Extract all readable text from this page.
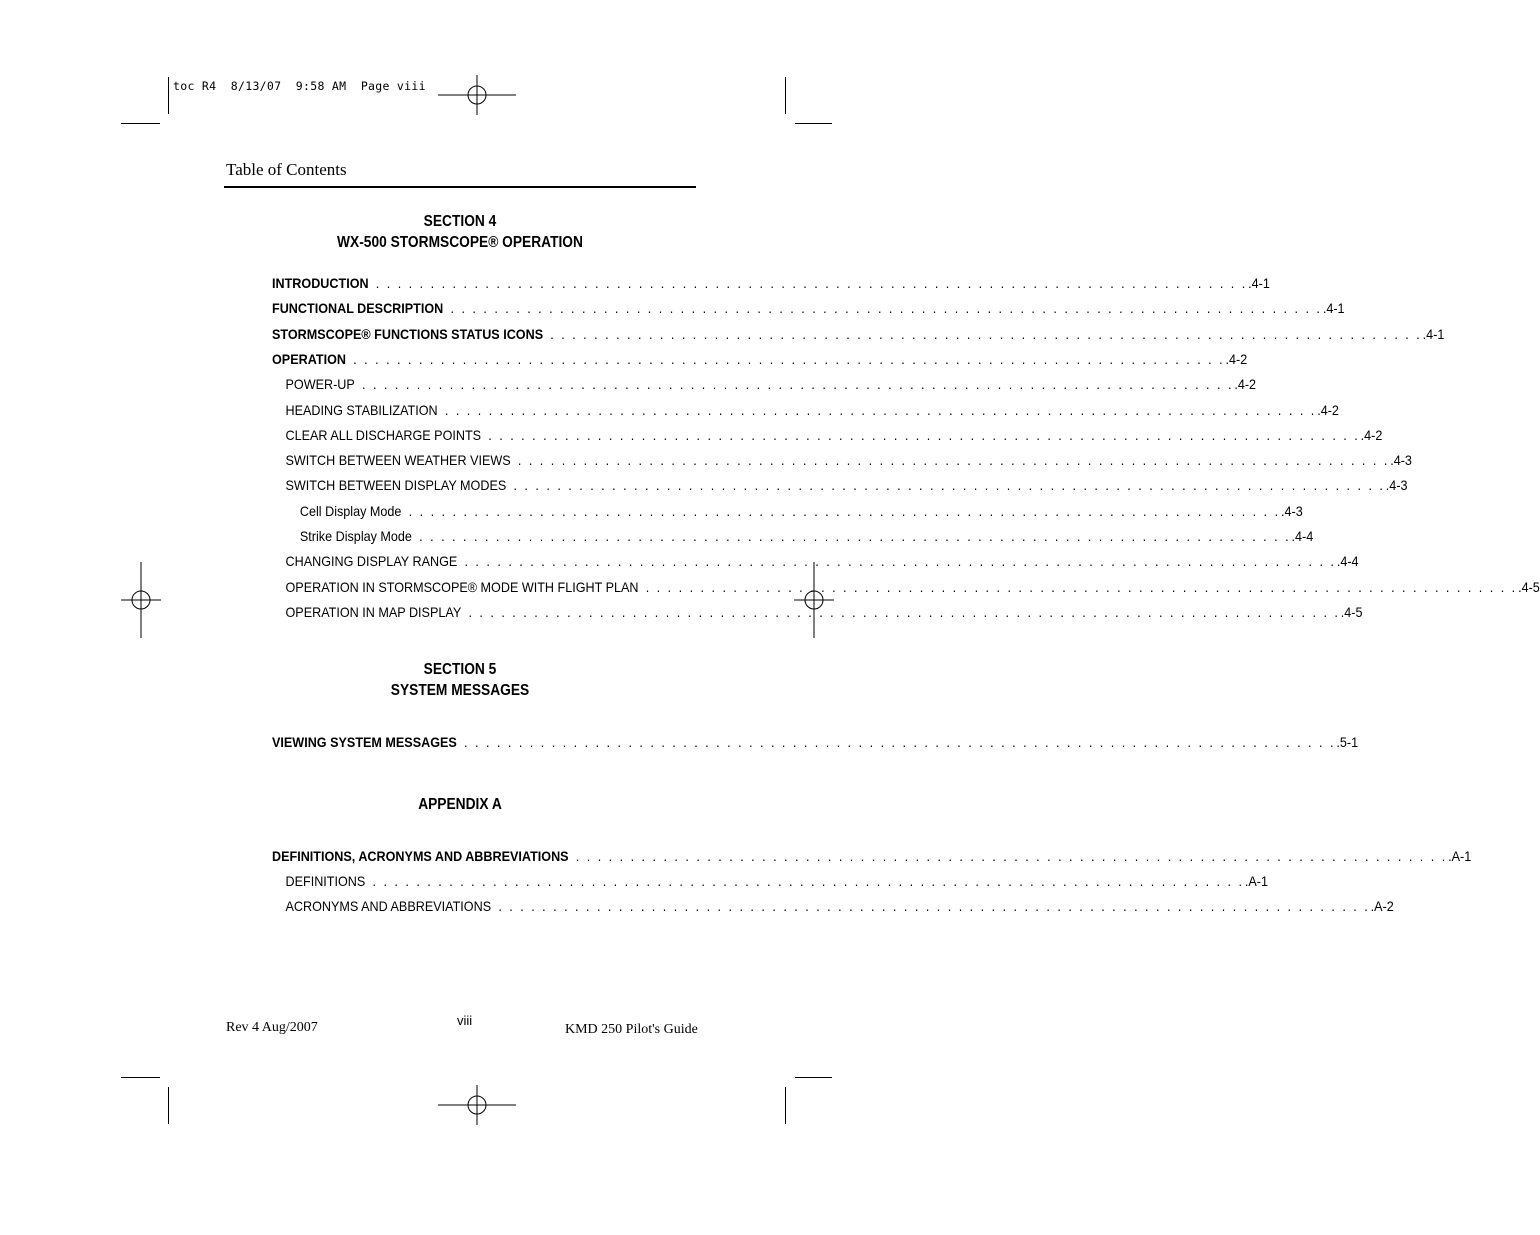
toc R4  8/13/07  9:58 AM  Page viii
Table of Contents
SECTION 4
WX-500 STORMSCOPE® OPERATION
SECTION 5
SYSTEM MESSAGES
APPENDIX A
INTRODUCTION . . . . . . . . . . . . . . . . . . . . . . . . . . . . . . . . . . . . . . . . . . . . . . . . . . . . . . . . . . . . . . . . . . . . . . . . . . . . . . . . .4-1
FUNCTIONAL DESCRIPTION . . . . . . . . . . . . . . . . . . . . . . . . . . . . . . . . . . . . . . . . . . . . . . . . . . . . . . . . . . . . . . . . . . . . . . . . . . . . . . . . .4-1
STORMSCOPE® FUNCTIONS STATUS ICONS . . . . . . . . . . . . . . . . . . . . . . . . . . . . . . . . . . . . . . . . . . . . . . . . . . . . . . . . . . . . . . . . . . . . . . . . . . . . . . . . .4-1
OPERATION . . . . . . . . . . . . . . . . . . . . . . . . . . . . . . . . . . . . . . . . . . . . . . . . . . . . . . . . . . . . . . . . . . . . . . . . . . . . . . . . .4-2
POWER-UP . . . . . . . . . . . . . . . . . . . . . . . . . . . . . . . . . . . . . . . . . . . . . . . . . . . . . . . . . . . . . . . . . . . . . . . . . . . . . . . . .4-2
HEADING STABILIZATION . . . . . . . . . . . . . . . . . . . . . . . . . . . . . . . . . . . . . . . . . . . . . . . . . . . . . . . . . . . . . . . . . . . . . . . . . . . . . . . . .4-2
CLEAR ALL DISCHARGE POINTS . . . . . . . . . . . . . . . . . . . . . . . . . . . . . . . . . . . . . . . . . . . . . . . . . . . . . . . . . . . . . . . . . . . . . . . . . . . . . . . . .4-2
SWITCH BETWEEN WEATHER VIEWS . . . . . . . . . . . . . . . . . . . . . . . . . . . . . . . . . . . . . . . . . . . . . . . . . . . . . . . . . . . . . . . . . . . . . . . . . . . . . . . . .4-3
SWITCH BETWEEN DISPLAY MODES . . . . . . . . . . . . . . . . . . . . . . . . . . . . . . . . . . . . . . . . . . . . . . . . . . . . . . . . . . . . . . . . . . . . . . . . . . . . . . . . .4-3
Cell Display Mode . . . . . . . . . . . . . . . . . . . . . . . . . . . . . . . . . . . . . . . . . . . . . . . . . . . . . . . . . . . . . . . . . . . . . . . . . . . . . . . . .4-3
Strike Display Mode . . . . . . . . . . . . . . . . . . . . . . . . . . . . . . . . . . . . . . . . . . . . . . . . . . . . . . . . . . . . . . . . . . . . . . . . . . . . . . . . .4-4
CHANGING DISPLAY RANGE . . . . . . . . . . . . . . . . . . . . . . . . . . . . . . . . . . . . . . . . . . . . . . . . . . . . . . . . . . . . . . . . . . . . . . . . . . . . . . . . .4-4
OPERATION IN STORMSCOPE® MODE WITH FLIGHT PLAN . . . . . . . . . . . . . . . . . . . . . . . . . . . . . . . . . . . . . . . . . . . . . . . . . . . . . . . . . . . . . . . . . . . . . . . . . . . . . . . . .4-5
OPERATION IN MAP DISPLAY . . . . . . . . . . . . . . . . . . . . . . . . . . . . . . . . . . . . . . . . . . . . . . . . . . . . . . . . . . . . . . . . . . . . . . . . . . . . . . . . .4-5
VIEWING SYSTEM MESSAGES . . . . . . . . . . . . . . . . . . . . . . . . . . . . . . . . . . . . . . . . . . . . . . . . . . . . . . . . . . . . . . . . . . . . . . . . . . . . . . . . .5-1
DEFINITIONS, ACRONYMS AND ABBREVIATIONS . . . . . . . . . . . . . . . . . . . . . . . . . . . . . . . . . . . . . . . . . . . . . . . . . . . . . . . . . . . . . . . . . . . . . . . . . . . . . . . . .A-1
DEFINITIONS . . . . . . . . . . . . . . . . . . . . . . . . . . . . . . . . . . . . . . . . . . . . . . . . . . . . . . . . . . . . . . . . . . . . . . . . . . . . . . . . .A-1
ACRONYMS AND ABBREVIATIONS . . . . . . . . . . . . . . . . . . . . . . . . . . . . . . . . . . . . . . . . . . . . . . . . . . . . . . . . . . . . . . . . . . . . . . . . . . . . . . . . .A-2
Rev 4 Aug/2007	viii
KMD 250 Pilot's Guide
